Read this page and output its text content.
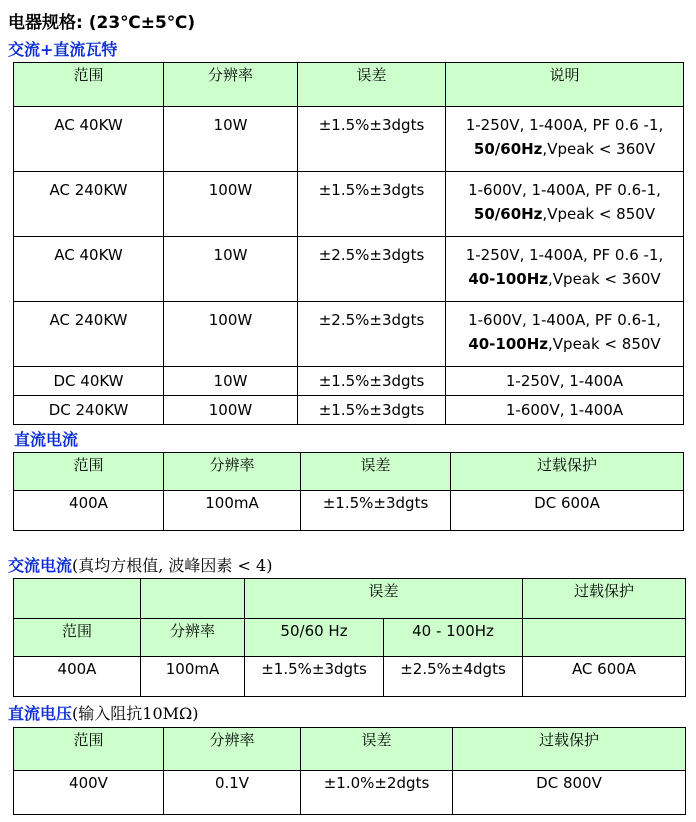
电器规格: (23℃±5℃)
交流+直流瓦特
范围	分辨率	误差	说明
AC 40KW	10W	±1.5%±3dgts	1-250V, 1-400A, PF 0.6 -1,
50/60Hz,Vpeak < 360V
AC 240KW	100W	±1.5%±3dgts	1-600V, 1-400A, PF 0.6-1,
50/60Hz,Vpeak < 850V
AC 40KW	10W	±2.5%±3dgts	1-250V, 1-400A, PF 0.6 -1,
40-100Hz,Vpeak < 360V
AC 240KW	100W	±2.5%±3dgts	1-600V, 1-400A, PF 0.6-1,
40-100Hz,Vpeak < 850V
DC 40KW	10W	±1.5%±3dgts	1-250V, 1-400A
DC 240KW	100W	±1.5%±3dgts	1-600V, 1-400A
直流电流
范围	分辨率	误差	过载保护
400A	100mA	±1.5%±3dgts	DC 600A
交流电流(真均方根值, 波峰因素 < 4)
		误差		过载保护
范围	分辨率	50/60 Hz	40 - 100Hz	
400A	100mA	±1.5%±3dgts	±2.5%±4dgts	AC 600A
直流电压(输入阻抗10MΩ)
范围	分辨率	误差	过载保护
400V	0.1V	±1.0%±2dgts	DC 800V
